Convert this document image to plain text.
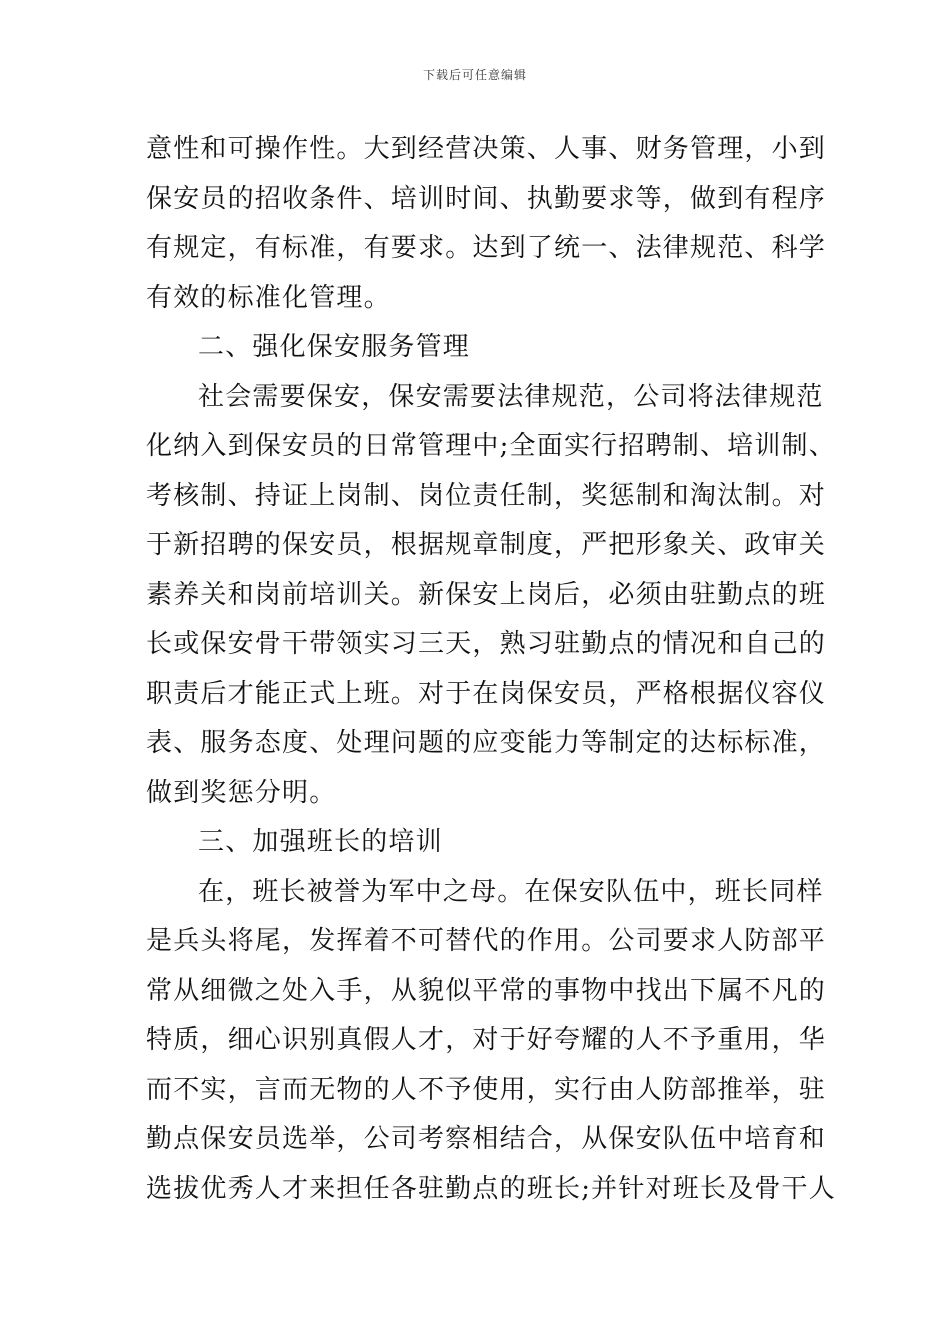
下载后可任意编辑
意性和可操作性。大到经营决策、人事、财务管理，小到
保安员的招收条件、培训时间、执勤要求等，做到有程序
有规定，有标准，有要求。达到了统一、法律规范、科学
有效的标准化管理。
二、强化保安服务管理
社会需要保安，保安需要法律规范，公司将法律规范
化纳入到保安员的日常管理中;全面实行招聘制、培训制、
考核制、持证上岗制、岗位责任制，奖惩制和淘汰制。对
于新招聘的保安员，根据规章制度，严把形象关、政审关
素养关和岗前培训关。新保安上岗后，必须由驻勤点的班
长或保安骨干带领实习三天，熟习驻勤点的情况和自己的
职责后才能正式上班。对于在岗保安员，严格根据仪容仪
表、服务态度、处理问题的应变能力等制定的达标标准，
做到奖惩分明。
三、加强班长的培训
在，班长被誉为军中之母。在保安队伍中，班长同样
是兵头将尾，发挥着不可替代的作用。公司要求人防部平
常从细微之处入手，从貌似平常的事物中找出下属不凡的
特质，细心识别真假人才，对于好夸耀的人不予重用，华
而不实，言而无物的人不予使用，实行由人防部推举，驻
勤点保安员选举，公司考察相结合，从保安队伍中培育和
选拔优秀人才来担任各驻勤点的班长;并针对班长及骨干人
